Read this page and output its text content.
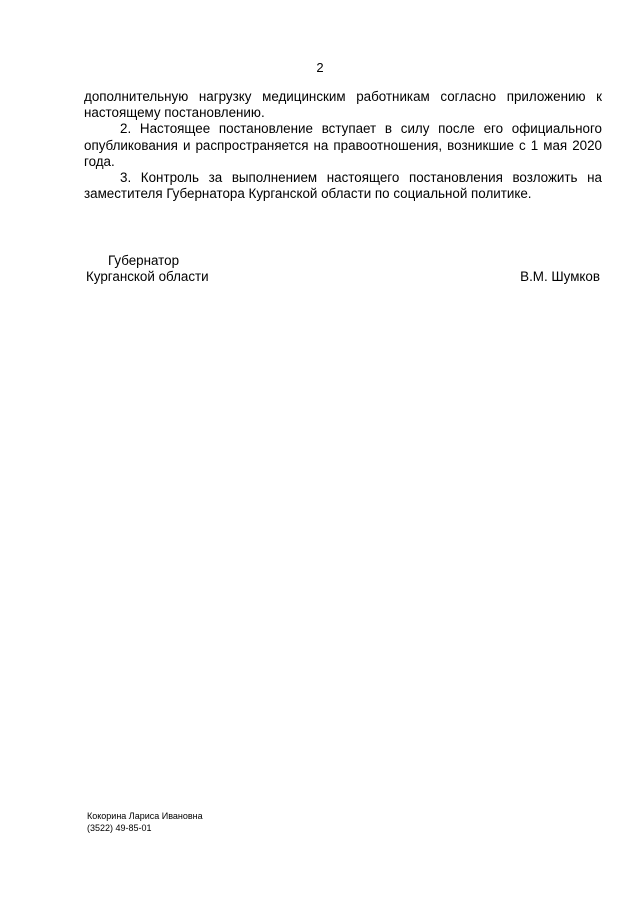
2

дополнительную нагрузку медицинским работникам согласно приложению к настоящему постановлению.

2. Настоящее постановление вступает в силу после его официального опубликования и распространяется на правоотношения, возникшие с 1 мая 2020 года.

3. Контроль за выполнением настоящего постановления возложить на заместителя Губернатора Курганской области по социальной политике.

Губернатор
Курганской области	В.М. Шумков
Кокорина Лариса Ивановна
(3522) 49-85-01
